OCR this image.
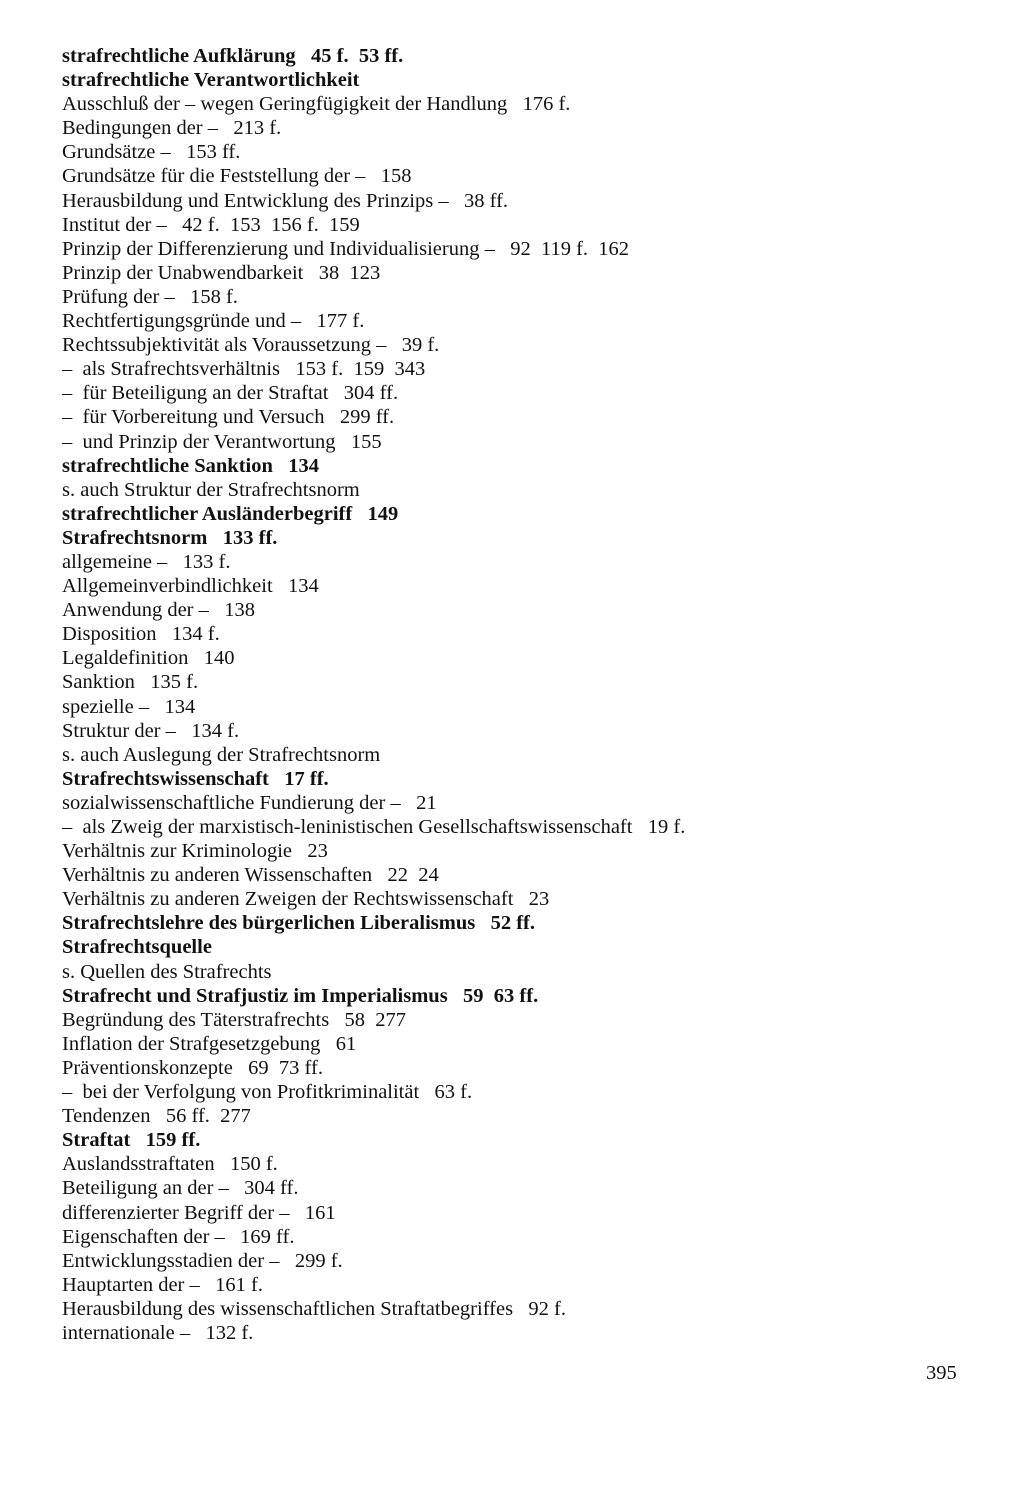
strafrechtliche Aufklärung   45 f.  53 ff.
strafrechtliche Verantwortlichkeit
Ausschluß der – wegen Geringfügigkeit der Handlung   176 f.
Bedingungen der –   213 f.
Grundsätze –   153 ff.
Grundsätze für die Feststellung der –   158
Herausbildung und Entwicklung des Prinzips –   38 ff.
Institut der –   42 f.  153  156 f.  159
Prinzip der Differenzierung und Individualisierung –   92  119 f.  162
Prinzip der Unabwendbarkeit   38  123
Prüfung der –   158 f.
Rechtfertigungsgründe und –   177 f.
Rechtssubjektivität als Voraussetzung –   39 f.
–  als Strafrechtsverhältnis   153 f.  159  343
–  für Beteiligung an der Straftat   304 ff.
–  für Vorbereitung und Versuch   299 ff.
–  und Prinzip der Verantwortung   155
strafrechtliche Sanktion   134
s. auch Struktur der Strafrechtsnorm
strafrechtlicher Ausländerbegriff   149
Strafrechtsnorm   133 ff.
allgemeine –   133 f.
Allgemeinverbindlichkeit   134
Anwendung der –   138
Disposition   134 f.
Legaldefinition   140
Sanktion   135 f.
spezielle –   134
Struktur der –   134 f.
s. auch Auslegung der Strafrechtsnorm
Strafrechtswissenschaft   17 ff.
sozialwissenschaftliche Fundierung der –   21
–  als Zweig der marxistisch-leninistischen Gesellschaftswissenschaft   19 f.
Verhältnis zur Kriminologie   23
Verhältnis zu anderen Wissenschaften   22  24
Verhältnis zu anderen Zweigen der Rechtswissenschaft   23
Strafrechtslehre des bürgerlichen Liberalismus   52 ff.
Strafrechtsquelle
s. Quellen des Strafrechts
Strafrecht und Strafjustiz im Imperialismus   59  63 ff.
Begründung des Täterstrafrechts   58  277
Inflation der Strafgesetzgebung   61
Präventionskonzepte   69  73 ff.
–  bei der Verfolgung von Profitkriminalität   63 f.
Tendenzen   56 ff.  277
Straftat   159 ff.
Auslandsstraftaten   150 f.
Beteiligung an der –   304 ff.
differenzierter Begriff der –   161
Eigenschaften der –   169 ff.
Entwicklungsstadien der –   299 f.
Hauptarten der –   161 f.
Herausbildung des wissenschaftlichen Straftatbegriffes   92 f.
internationale –   132 f.
395
